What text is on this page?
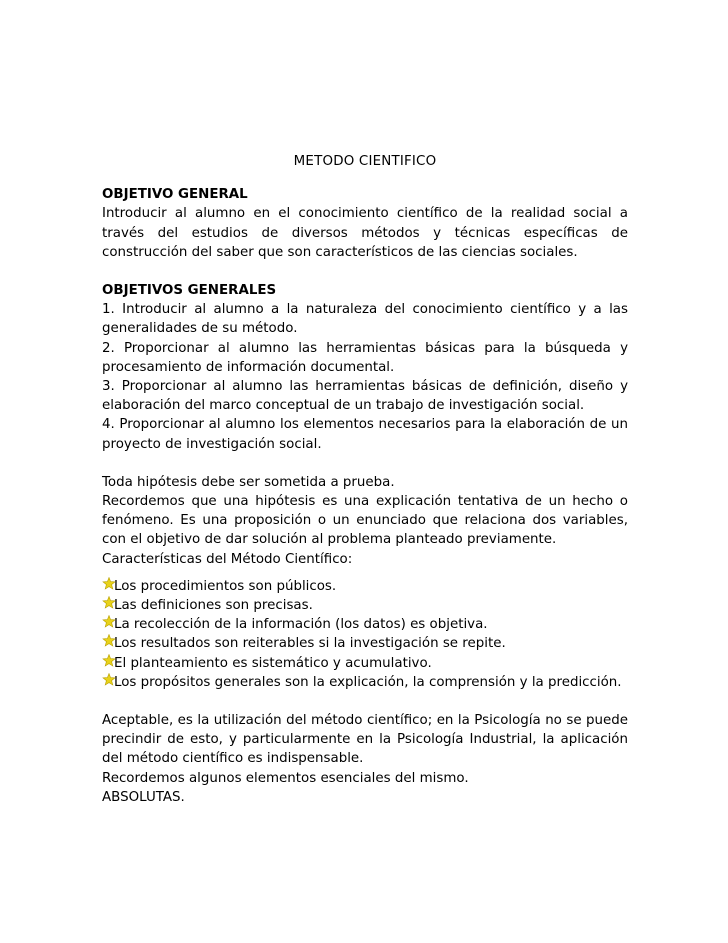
METODO CIENTIFICO

OBJETIVO GENERAL

Introducir al alumno en el conocimiento científico de la realidad social a través del estudios de diversos métodos y técnicas específicas de construcción del saber que son característicos de las ciencias sociales.

OBJETIVOS GENERALES

1. Introducir al alumno a la naturaleza del conocimiento científico y a las generalidades de su método.

2. Proporcionar al alumno las herramientas básicas para la búsqueda y procesamiento de información documental.

3. Proporcionar al alumno las herramientas básicas de definición, diseño y elaboración del marco conceptual de un trabajo de investigación social.

4. Proporcionar al alumno los elementos necesarios para la elaboración de un proyecto de investigación social.

Toda hipótesis debe ser sometida a prueba.

Recordemos que una hipótesis es una explicación tentativa de un hecho o fenómeno. Es una proposición o un enunciado que relaciona dos variables, con el objetivo de dar solución al problema planteado previamente.

Características del Método Científico:

Los procedimientos son públicos.
Las definiciones son precisas.
La recolección de la información (los datos) es objetiva.
Los resultados son reiterables si la investigación se repite.
El planteamiento es sistemático y acumulativo.
Los propósitos generales son la explicación, la comprensión y la predicción.

Aceptable, es la utilización del método científico; en la Psicología no se puede precindir de esto, y particularmente en la Psicología Industrial, la aplicación del método científico es indispensable.

Recordemos algunos elementos esenciales del mismo.

ABSOLUTAS.
